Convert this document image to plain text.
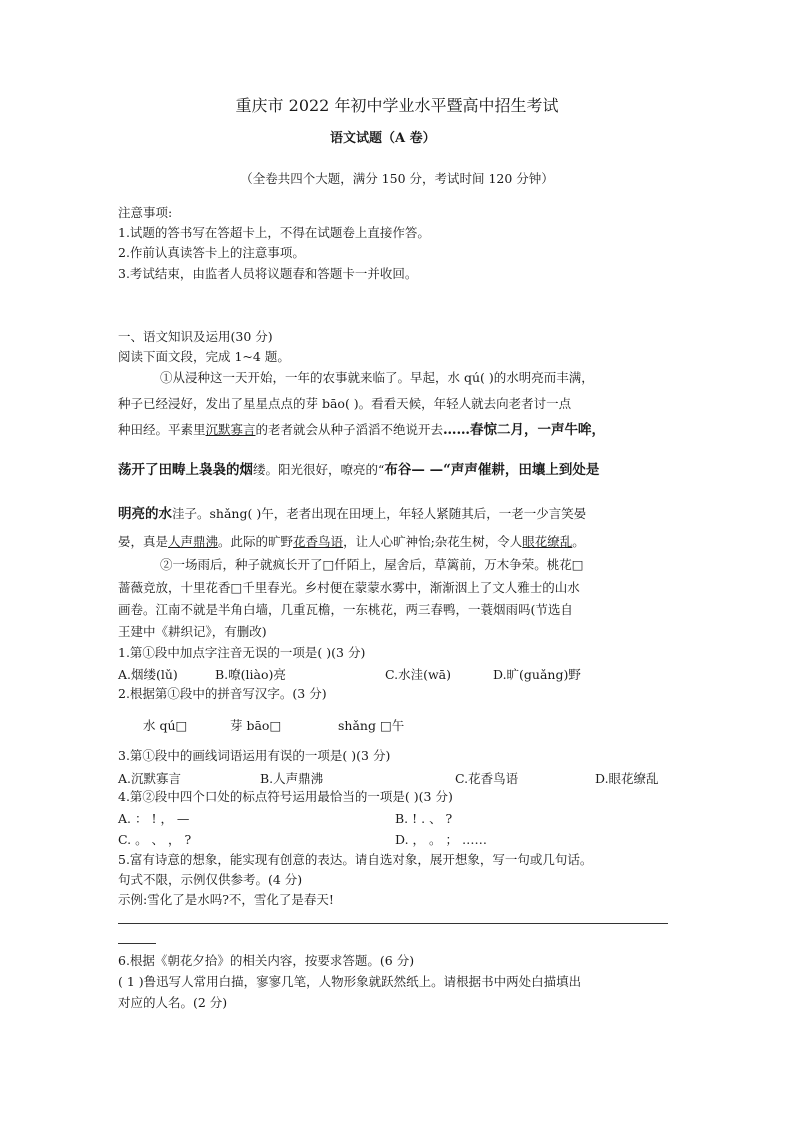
重庆市 2022 年初中学业水平暨高中招生考试
语文试题（A 卷）
（全卷共四个大题，满分 150 分，考试时间 120 分钟）
注意事项:
1.试题的答书写在答超卡上，不得在试题卷上直接作答。
2.作前认真读答卡上的注意事项。
3.考试结束，由监者人员将议题春和答题卡一并收回。
一、语文知识及运用(30 分)
阅读下面文段，完成 1~4 题。
①从浸种这一天开始，一年的农事就来临了。早起，水 qú( )的水明亮而丰满，
种子已经浸好，发出了星星点点的芽 bāo( )。看看天候，年轻人就去向老者讨一点
种田经。平素里沉默寡言的老者就会从种子滔滔不绝说开去……春惊二月，一声牛哞，
荡开了田畴上袅袅的烟缕。阳光很好，嘹亮的“布谷— —“声声催耕，田壤上到处是
明亮的水洼子。shǎng( )午，老者出现在田埂上，年轻人紧随其后，一老一少言笑晏
晏，真是人声鼎沸。此际的旷野花香鸟语，让人心旷神怡;杂花生树，令人眼花缭乱。
②一场雨后，种子就疯长开了□仟陌上，屋舍后，草篱前，万木争荣。桃花□
蔷薇竞放，十里花香□千里春光。乡村便在蒙蒙水雾中，渐渐洇上了文人雅士的山水
画卷。江南不就是半角白墙，几重瓦檐，一东桃花，两三春鸭，一蓑烟雨吗(节选自
王建中《耕织记》，有删改)
1.第①段中加点字注音无误的一项是( )(3 分)
A.烟缕(lǔ)	B.嘹(liào)亮	C.水洼(wā)	D.旷(guǎng)野
2.根据第①段中的拼音写汉字。(3 分)
水 qú□	芽 bāo□	shǎng □午
3.第①段中的画线词语运用有误的一项是( )(3 分)
A.沉默寡言	B.人声鼎沸	C.花香鸟语	D.眼花缭乱
4.第②段中四个口处的标点符号运用最恰当的一项是( )(3 分)
A. ： ! ， —	B. ! . 、 ?
C. 。 、 ， ?	D. ， 。 ； ……
5.富有诗意的想象，能实现有创意的表达。请自选对象，展开想象，写一句或几句话。
句式不限，示例仅供参考。(4 分)
示例:雪化了是水吗?不，雪化了是春天!
6.根据《朝花夕拾》的相关内容，按要求答题。(6 分)
( 1 )鲁迅写人常用白描，寥寥几笔，人物形象就跃然纸上。请根据书中两处白描填出
对应的人名。(2 分)
